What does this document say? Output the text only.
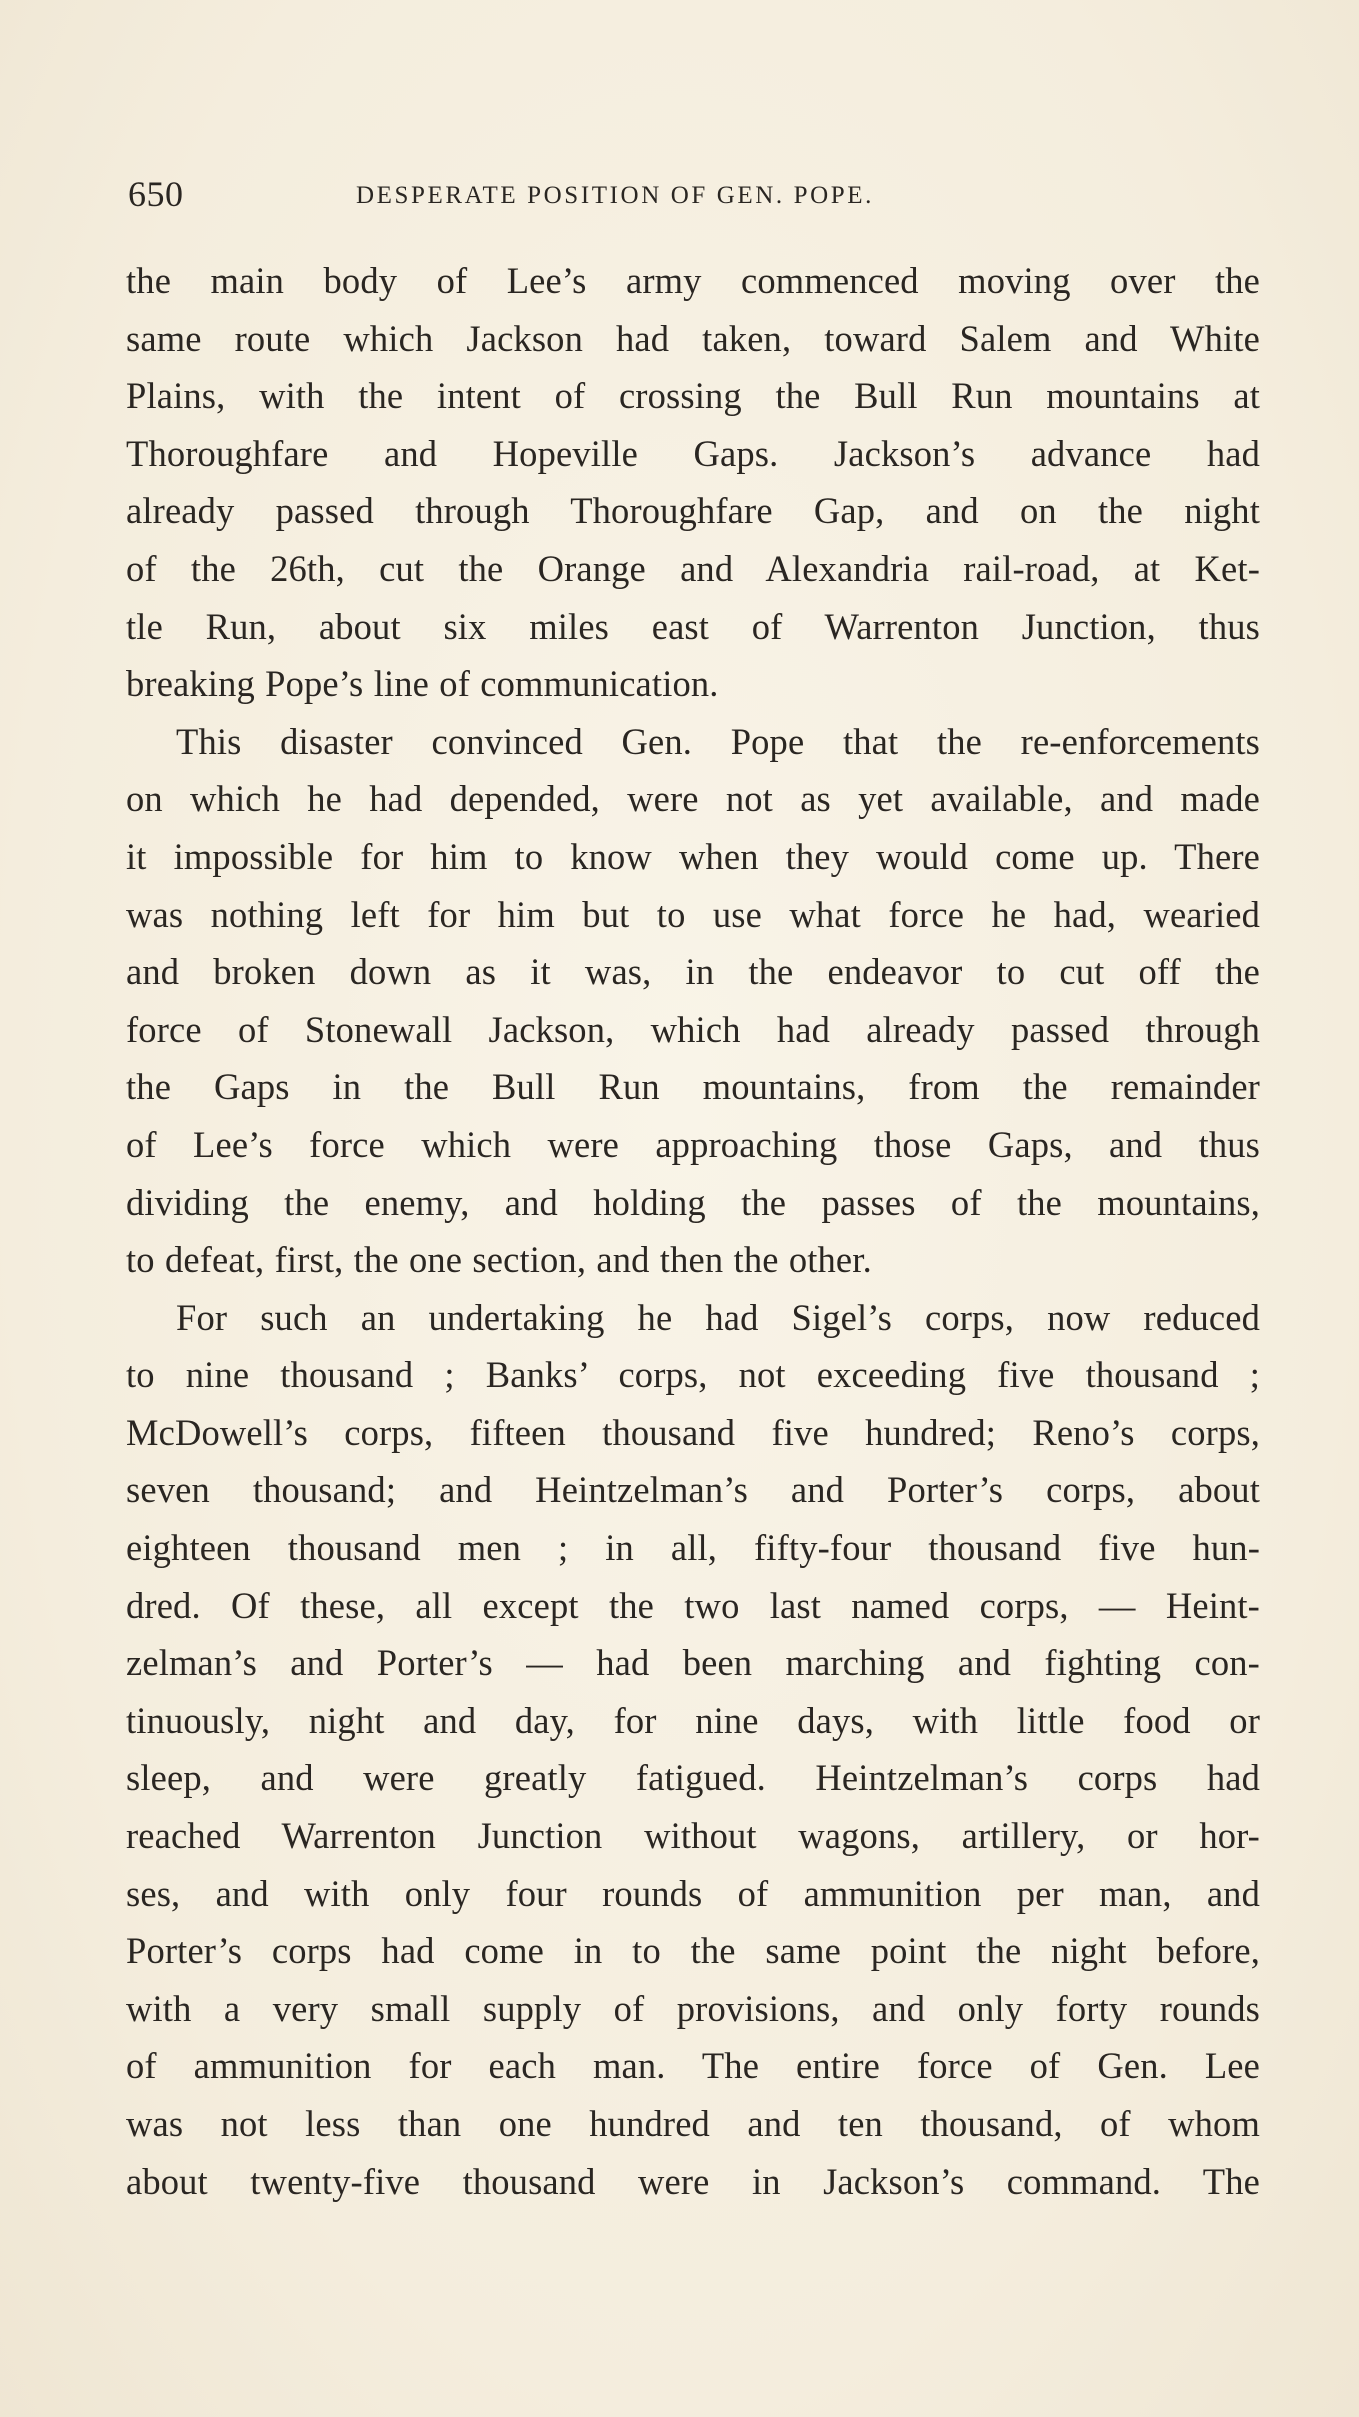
650	DESPERATE POSITION OF GEN. POPE.
the main body of Lee’s army commenced moving over the
same route which Jackson had taken, toward Salem and White
Plains, with the intent of crossing the Bull Run mountains at
Thoroughfare and Hopeville Gaps. Jackson’s advance had
already passed through Thoroughfare Gap, and on the night
of the 26th, cut the Orange and Alexandria rail-road, at Ket-
tle Run, about six miles east of Warrenton Junction, thus
breaking Pope’s line of communication.
This disaster convinced Gen. Pope that the re-enforcements
on which he had depended, were not as yet available, and made
it impossible for him to know when they would come up. There
was nothing left for him but to use what force he had, wearied
and broken down as it was, in the endeavor to cut off the
force of Stonewall Jackson, which had already passed through
the Gaps in the Bull Run mountains, from the remainder
of Lee’s force which were approaching those Gaps, and thus
dividing the enemy, and holding the passes of the mountains,
to defeat, first, the one section, and then the other.
For such an undertaking he had Sigel’s corps, now reduced
to nine thousand ; Banks’ corps, not exceeding five thousand ;
McDowell’s corps, fifteen thousand five hundred; Reno’s corps,
seven thousand; and Heintzelman’s and Porter’s corps, about
eighteen thousand men ; in all, fifty-four thousand five hun-
dred. Of these, all except the two last named corps, — Heint-
zelman’s and Porter’s — had been marching and fighting con-
tinuously, night and day, for nine days, with little food or
sleep, and were greatly fatigued. Heintzelman’s corps had
reached Warrenton Junction without wagons, artillery, or hor-
ses, and with only four rounds of ammunition per man, and
Porter’s corps had come in to the same point the night before,
with a very small supply of provisions, and only forty rounds
of ammunition for each man. The entire force of Gen. Lee
was not less than one hundred and ten thousand, of whom
about twenty-five thousand were in Jackson’s command. The
